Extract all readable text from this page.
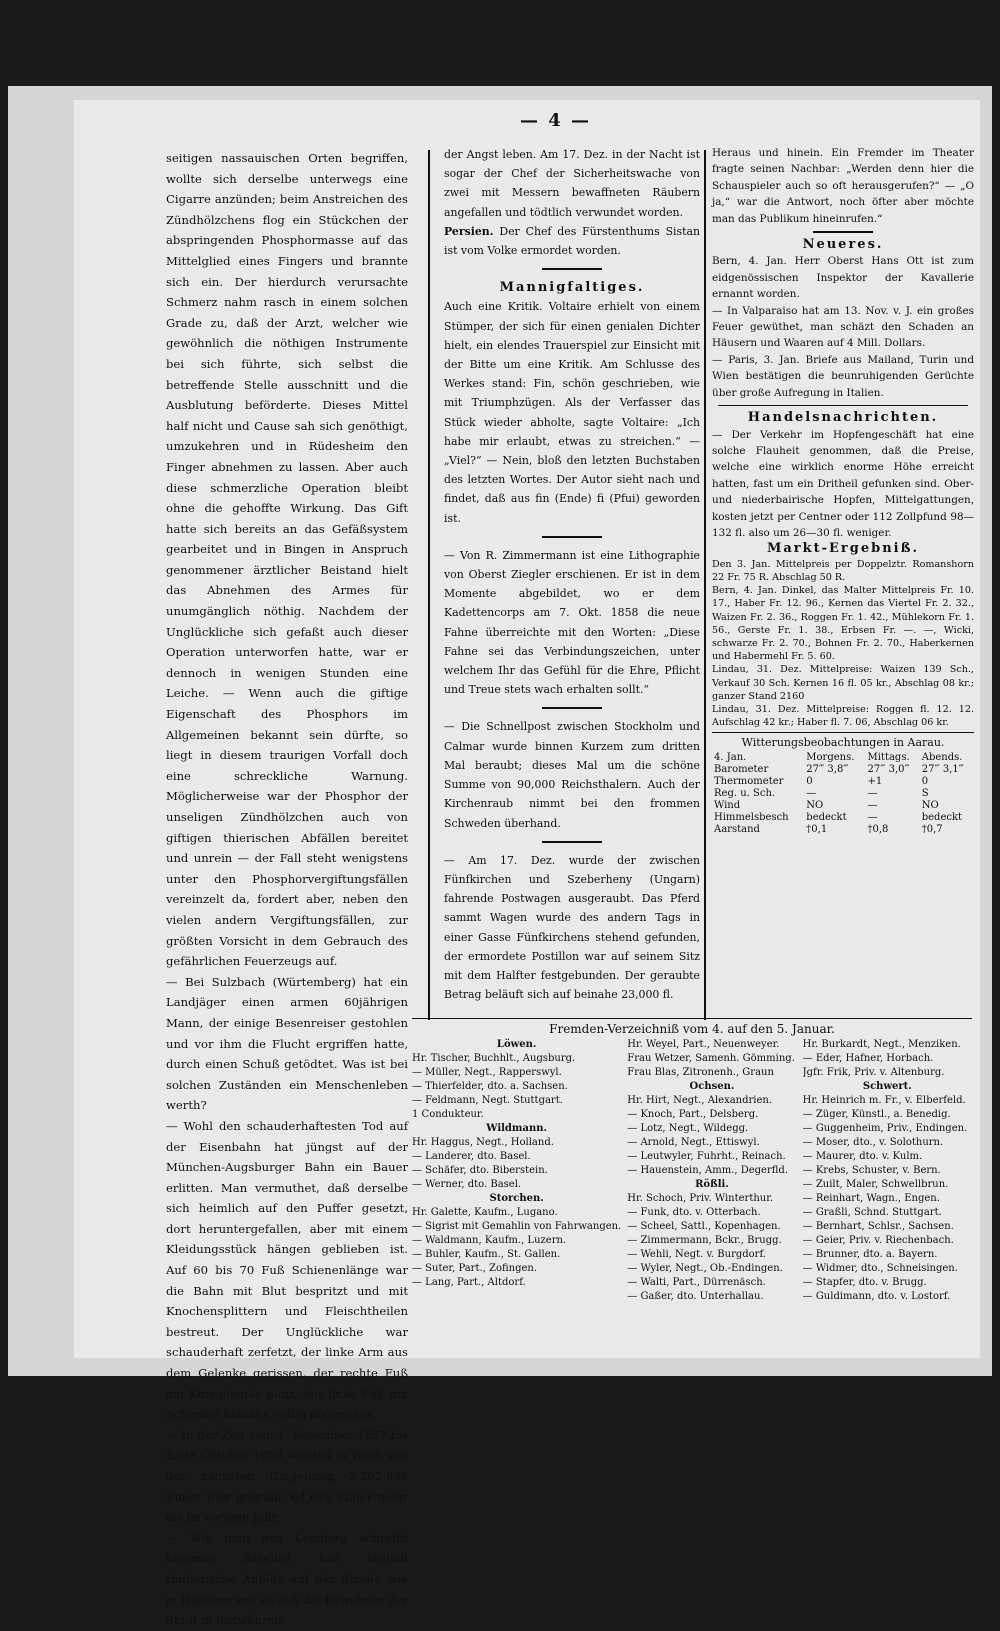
— 4 —

seitigen nassauischen Orten begriffen, wollte sich derselbe unterwegs eine Cigarre anzünden; beim Anstreichen des Zündhölzchens flog ein Stückchen der abspringenden Phosphormasse auf das Mittelglied eines Fingers und brannte sich ein. Der hierdurch verursachte Schmerz nahm rasch in einem solchen Grade zu, daß der Arzt, welcher wie gewöhnlich die nöthigen Instrumente bei sich führte, sich selbst die betreffende Stelle ausschnitt und die Ausblutung beförderte. Dieses Mittel half nicht und Cause sah sich genöthigt, umzukehren und in Rüdesheim den Finger abnehmen zu lassen. Aber auch diese schmerzliche Operation bleibt ohne die gehoffte Wirkung. Das Gift hatte sich bereits an das Gefäßsystem gearbeitet und in Bingen in Anspruch genommener ärztlicher Beistand hielt das Abnehmen des Armes für unumgänglich nöthig. Nachdem der Unglückliche sich gefaßt auch dieser Operation unterworfen hatte, war er dennoch in wenigen Stunden eine Leiche. — Wenn auch die giftige Eigenschaft des Phosphors im Allgemeinen bekannt sein dürfte, so liegt in diesem traurigen Vorfall doch eine schreckliche Warnung. Möglicherweise war der Phosphor der unseligen Zündhölzchen auch von giftigen thierischen Abfällen bereitet und unrein — der Fall steht wenigstens unter den Phosphorvergiftungsfällen vereinzelt da, fordert aber, neben den vielen andern Vergiftungsfällen, zur größten Vorsicht in dem Gebrauch des gefährlichen Feuerzeugs auf.

— Bei Sulzbach (Würtemberg) hat ein Landjäger einen armen 60jährigen Mann, der einige Besenreiser gestohlen und vor ihm die Flucht ergriffen hatte, durch einen Schuß getödtet. Was ist bei solchen Zuständen ein Menschenleben werth?

— Wohl den schauderhaftesten Tod auf der Eisenbahn hat jüngst auf der München-Augsburger Bahn ein Bauer erlitten. Man vermuthet, daß derselbe sich heimlich auf den Puffer gesetzt, dort heruntergefallen, aber mit einem Kleidungsstück hängen geblieben ist. Auf 60 bis 70 Fuß Schienenlänge war die Bahn mit Blut bespritzt und mit Knochensplittern und Fleischtheilen bestreut. Der Unglückliche war schauderhaft zerfetzt, der linke Arm aus dem Gelenke gerissen, der rechte Fuß am Kniegelenke ganz, der linke Fuß am Schenkel beinahe völlig abgerissen.

— In der Zeit vom 1. November 1857 bis Ende Oktober 1858 wurden in Wien und der nächsten Umgebung 2,202,835 Eimer Bier gebraut. 64,676 Eimer mehr als im vorigen Jahr.

— Wie man aus Lemberg schreibt kommen daselbst fast täglich räuberische Anfälle auf der Straße wie in Häusern vor, so daß die Bewohner der Stadt in fortwähren-

der Angst leben. Am 17. Dez. in der Nacht ist sogar der Chef der Sicherheitswache von zwei mit Messern bewaffneten Räubern angefallen und tödtlich verwundet worden.

Persien. Der Chef des Fürstenthums Sistan ist vom Volke ermordet worden.

Mannigfaltiges.

Auch eine Kritik. Voltaire erhielt von einem Stümper, der sich für einen genialen Dichter hielt, ein elendes Trauerspiel zur Einsicht mit der Bitte um eine Kritik. Am Schlusse des Werkes stand: Fin, schön geschrieben, wie mit Triumphzügen. Als der Verfasser das Stück wieder abholte, sagte Voltaire: „Ich habe mir erlaubt, etwas zu streichen.“ — „Viel?“ — Nein, bloß den letzten Buchstaben des letzten Wortes. Der Autor sieht nach und findet, daß aus fin (Ende) fi (Pfui) geworden ist.

— Von R. Zimmermann ist eine Lithographie von Oberst Ziegler erschienen. Er ist in dem Momente abgebildet, wo er dem Kadettencorps am 7. Okt. 1858 die neue Fahne überreichte mit den Worten: „Diese Fahne sei das Verbindungszeichen, unter welchem Ihr das Gefühl für die Ehre, Pflicht und Treue stets wach erhalten sollt.“

— Die Schnellpost zwischen Stockholm und Calmar wurde binnen Kurzem zum dritten Mal beraubt; dieses Mal um die schöne Summe von 90,000 Reichsthalern. Auch der Kirchenraub nimmt bei den frommen Schweden überhand.

— Am 17. Dez. wurde der zwischen Fünfkirchen und Szeberheny (Ungarn) fahrende Postwagen ausgeraubt. Das Pferd sammt Wagen wurde des andern Tags in einer Gasse Fünfkirchens stehend gefunden, der ermordete Postillon war auf seinem Sitz mit dem Halfter festgebunden. Der geraubte Betrag beläuft sich auf beinahe 23,000 fl.

Heraus und hinein. Ein Fremder im Theater fragte seinen Nachbar: „Werden denn hier die Schauspieler auch so oft herausgerufen?“ — „O ja,“ war die Antwort, noch öfter aber möchte man das Publikum hineinrufen.“

Neueres.

Bern, 4. Jan. Herr Oberst Hans Ott ist zum eidgenössischen Inspektor der Kavallerie ernannt worden.

— In Valparaiso hat am 13. Nov. v. J. ein großes Feuer gewüthet, man schäzt den Schaden an Häusern und Waaren auf 4 Mill. Dollars.

— Paris, 3. Jan. Briefe aus Mailand, Turin und Wien bestätigen die beunruhigenden Gerüchte über große Aufregung in Italien.

Handelsnachrichten.

— Der Verkehr im Hopfengeschäft hat eine solche Flauheit genommen, daß die Preise, welche eine wirklich enorme Höhe erreicht hatten, fast um ein Dritheil gefunken sind. Ober- und niederbairische Hopfen, Mittelgattungen, kosten jetzt per Centner oder 112 Zollpfund 98—132 fl. also um 26—30 fl. weniger.

Markt-Ergebniß.

Den 3. Jan. Mittelpreis per Doppelztr. Romanshorn 22 Fr. 75 R. Abschlag 50 R.

Bern, 4. Jan. Dinkel, das Malter Mittelpreis Fr. 10. 17., Haber Fr. 12. 96., Kernen das Viertel Fr. 2. 32., Waizen Fr. 2. 36., Roggen Fr. 1. 42., Mühlekorn Fr. 1. 56., Gerste Fr. 1. 38., Erbsen Fr. —. —, Wicki, schwarze Fr. 2. 70., Bohnen Fr. 2. 70., Haberkernen und Habermehl Fr. 5. 60.

Lindau, 31. Dez. Mittelpreise: Waizen 139 Sch., Verkauf 30 Sch. Kernen 16 fl. 05 kr., Abschlag 08 kr.; ganzer Stand 2160

Lindau, 31. Dez. Mittelpreise: Roggen fl. 12. 12. Aufschlag 42 kr.; Haber fl. 7. 06, Abschlag 06 kr.

Witterungsbeobachtungen in Aarau.
4. Jan.	Morgens.	Mittags.	Abends.
Barometer	27‴ 3,8‴	27‴ 3,0‴	27‴ 3,1‴
Thermometer	0	+1	0
Reg. u. Sch.	—	—	S
Wind	NO	—	NO
Himmelsbesch	bedeckt	—	bedeckt
Aarstand	†0,1	†0,8	†0,7
Fremden-Verzeichniß vom 4. auf den 5. Januar.
Löwen.
Hr. Tischer, Buchhlt., Augsburg.
— Müller, Negt., Rapperswyl.
— Thierfelder, dto. a. Sachsen.
— Feldmann, Negt. Stuttgart.
1 Condukteur.
Wildmann.
Hr. Haggus, Negt., Holland.
— Landerer, dto. Basel.
— Schäfer, dto. Biberstein.
— Werner, dto. Basel.
Storchen.
Hr. Galette, Kaufm., Lugano.
— Sigrist mit Gemahlin von Fahrwangen.
— Waldmann, Kaufm., Luzern.
— Buhler, Kaufm., St. Gallen.
— Suter, Part., Zofingen.
— Lang, Part., Altdorf.
Hr. Weyel, Part., Neuenweyer.
Frau Wetzer, Samenh. Gömming.
Frau Blas, Zitronenh., Graun
Ochsen.
Hr. Hirt, Negt., Alexandrien.
— Knoch, Part., Delsberg.
— Lotz, Negt., Wildegg.
— Arnold, Negt., Ettiswyl.
— Leutwyler, Fuhrht., Reinach.
— Hauenstein, Amm., Degerfld.
Rößli.
Hr. Schoch, Priv. Winterthur.
— Funk, dto. v. Otterbach.
— Scheel, Sattl., Kopenhagen.
— Zimmermann, Bckr., Brugg.
— Wehli, Negt. v. Burgdorf.
— Wyler, Negt., Ob.-Endingen.
— Walti, Part., Dürrenäsch.
— Gaßer, dto. Unterhallau.
Hr. Burkardt, Negt., Menziken.
— Eder, Hafner, Horbach.
Jgfr. Frik, Priv. v. Altenburg.
Schwert.
Hr. Heinrich m. Fr., v. Elberfeld.
— Züger, Künstl., a. Benedig.
— Guggenheim, Priv., Endingen.
— Moser, dto., v. Solothurn.
— Maurer, dto. v. Kulm.
— Krebs, Schuster, v. Bern.
— Zuilt, Maler, Schwellbrun.
— Reinhart, Wagn., Engen.
— Graßli, Schnd. Stuttgart.
— Bernhart, Schlsr., Sachsen.
— Geier, Priv. v. Riechenbach.
— Brunner, dto. a. Bayern.
— Widmer, dto., Schneisingen.
— Stapfer, dto. v. Brugg.
— Guldimann, dto. v. Lostorf.
